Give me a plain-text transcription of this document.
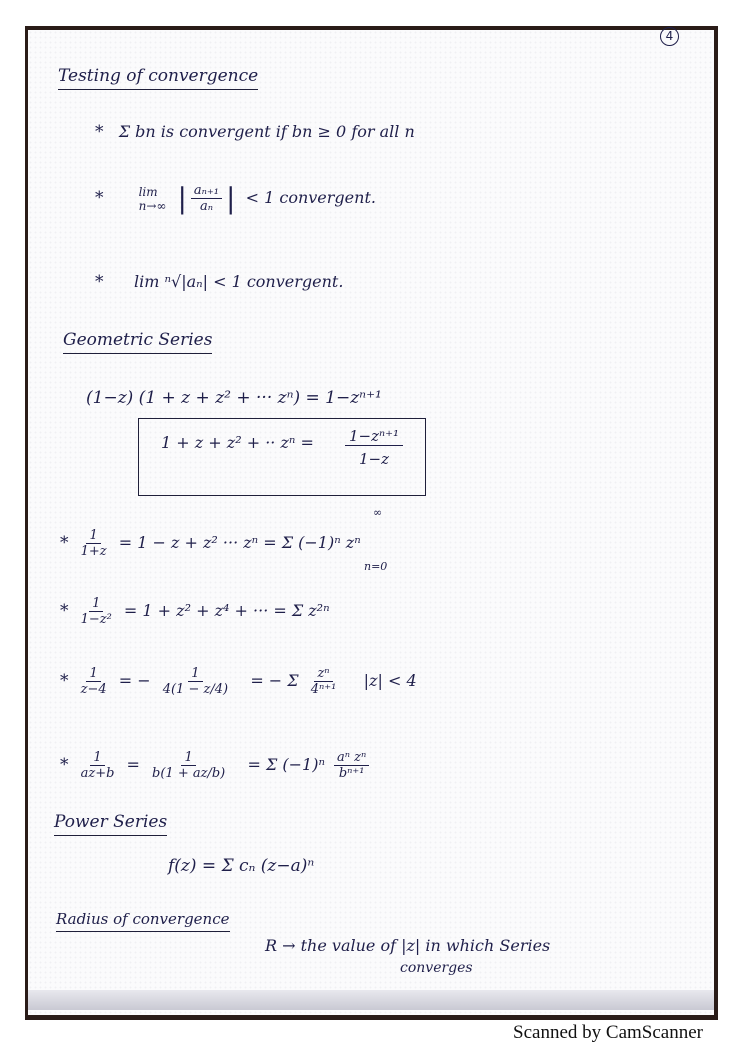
4
Testing of convergence
* Σ bn is convergent if bn ≥ 0 for all n
*	lim
n→∞ | $\frac{\text{aₙ₊₁}}{\text{aₙ}}$ | < 1 convergent.
* lim ⁿ√|aₙ| < 1 convergent.
Geometric Series
(1−z) (1 + z + z² + ··· zⁿ) = 1−zⁿ⁺¹
1 + z + z² + ·· $z^n = \frac{\text{1−zⁿ⁺¹}}{1-z}$
* $\frac{1}{1+z} = 1 - z + z^2$ ··· zⁿ = Σ (−1)ⁿ zⁿ
∞
n=0
* $\frac{1}{\text{1−z²}} = 1 + z^2 + z^4$ + ··· = Σ z²ⁿ
* $\frac{1}{z-4}$ = − $\frac{1}{4(1 - z/4)}$ = − Σ $\frac{\text{zⁿ}}{\text{4ⁿ⁺¹}} |z| < 4$
* $\frac{1}{az+b} = \frac{1}{b(1 + az/b)} = \Sigma$ $(-1)^n \frac{\text{aⁿ zⁿ}}{\text{bⁿ⁺¹}}$
Power Series
f(z) = Σ cₙ (z−a)ⁿ
Radius of convergence
R → the value of |z| in which Series
converges
Scanned by CamScanner
